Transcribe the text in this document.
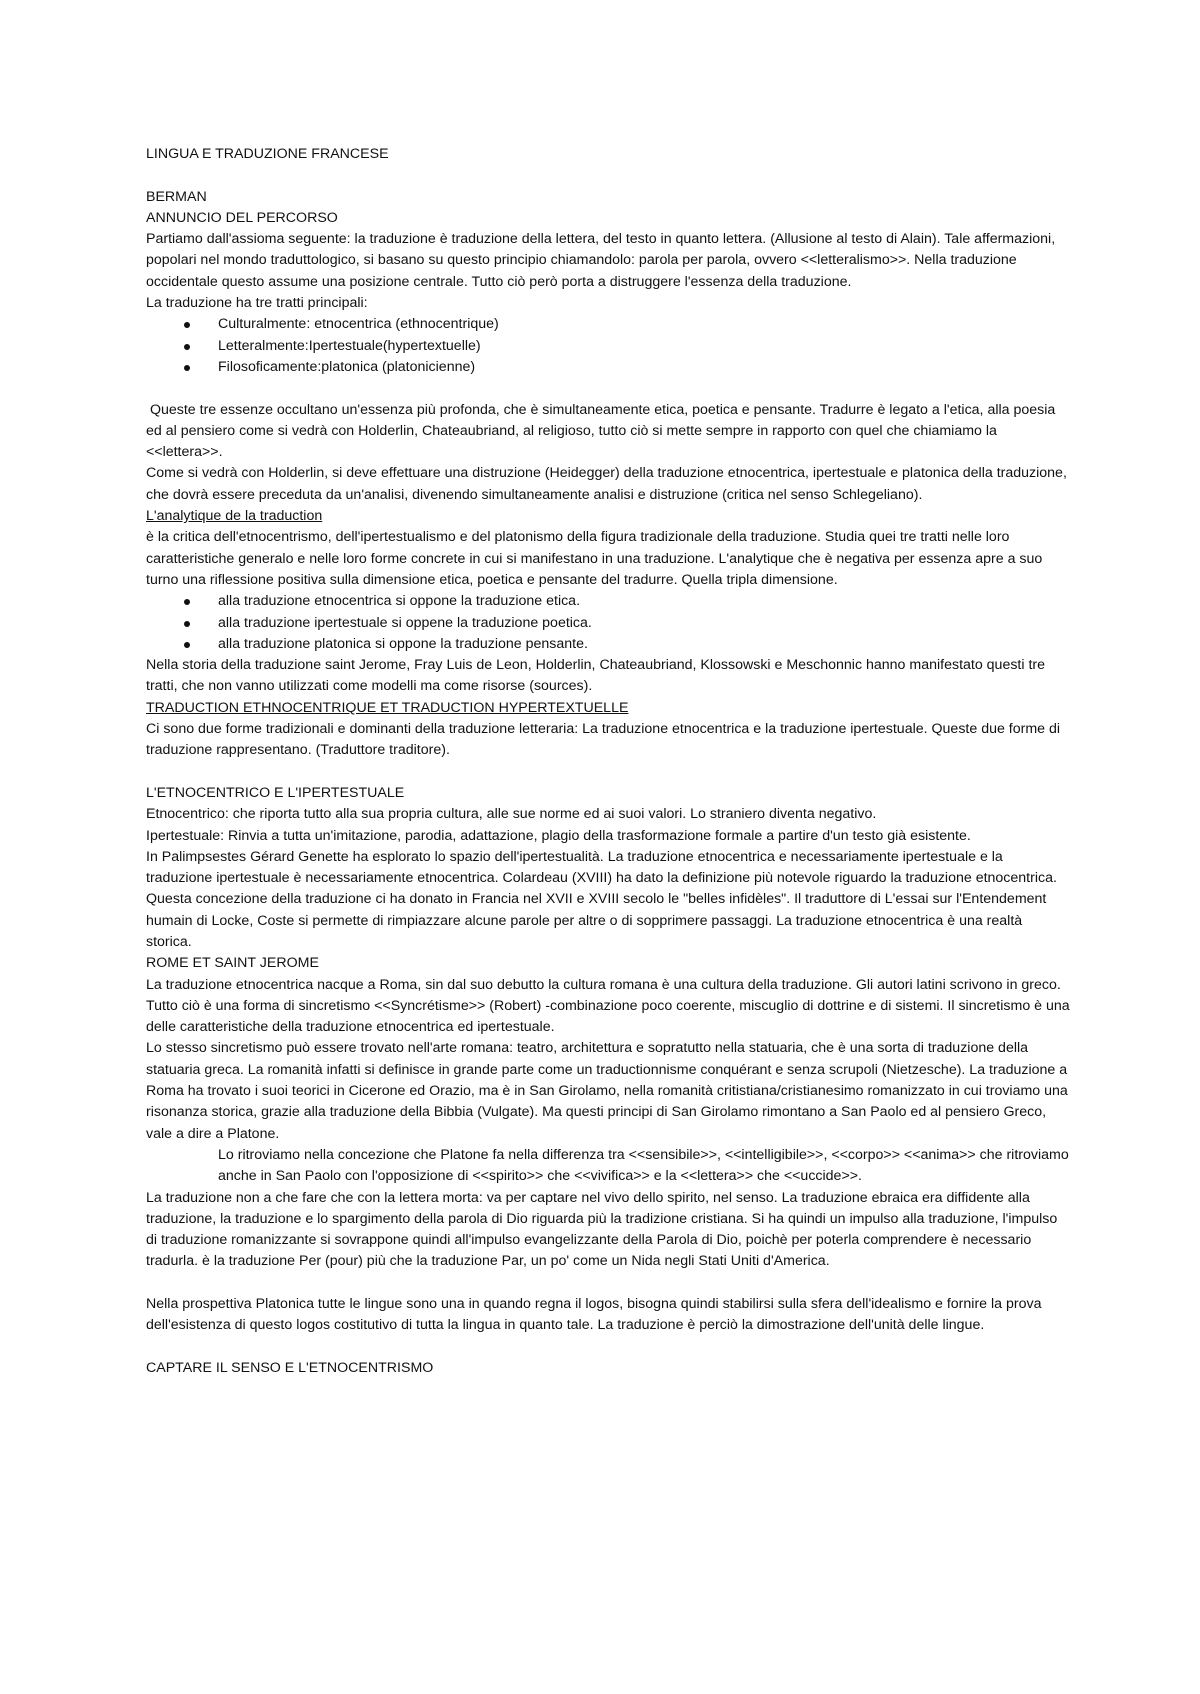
LINGUA E TRADUZIONE FRANCESE

BERMAN

ANNUNCIO DEL PERCORSO

Partiamo dall'assioma seguente: la traduzione è traduzione della lettera, del testo in quanto lettera. (Allusione al testo di Alain). Tale affermazioni, popolari nel mondo traduttologico, si basano su questo principio chiamandolo: parola per parola, ovvero <<letteralismo>>. Nella traduzione occidentale questo assume una posizione centrale. Tutto ciò però porta a distruggere l'essenza della traduzione.

La traduzione ha tre tratti principali:

Culturalmente: etnocentrica (ethnocentrique)
Letteralmente:Ipertestuale(hypertextuelle)
Filosoficamente:platonica (platonicienne)

Queste tre essenze occultano un'essenza più profonda, che è simultaneamente etica, poetica e pensante. Tradurre è legato a l'etica, alla poesia ed al pensiero come si vedrà con Holderlin, Chateaubriand, al religioso, tutto ciò si mette sempre in rapporto con quel che chiamiamo la <<lettera>>.

Come si vedrà con Holderlin, si deve effettuare una distruzione (Heidegger) della traduzione etnocentrica, ipertestuale e platonica della traduzione, che dovrà essere preceduta da un'analisi, divenendo simultaneamente analisi e distruzione (critica nel senso Schlegeliano).

L'analytique de la traduction

è la critica dell'etnocentrismo, dell'ipertestualismo e del platonismo della figura tradizionale della traduzione. Studia quei tre tratti nelle loro caratteristiche generalo e nelle loro forme concrete in cui si manifestano in una traduzione. L'analytique che è negativa per essenza apre a suo turno una riflessione positiva sulla dimensione etica, poetica e pensante del tradurre. Quella tripla dimensione.

alla traduzione etnocentrica si oppone la traduzione etica.
alla traduzione ipertestuale si oppene la traduzione poetica.
alla traduzione platonica si oppone la traduzione pensante.

Nella storia della traduzione saint Jerome, Fray Luis de Leon, Holderlin, Chateaubriand, Klossowski e Meschonnic hanno manifestato questi tre tratti, che non vanno utilizzati come modelli ma come risorse (sources).

TRADUCTION ETHNOCENTRIQUE ET TRADUCTION HYPERTEXTUELLE

Ci sono due forme tradizionali e dominanti della traduzione letteraria: La traduzione etnocentrica e la traduzione ipertestuale. Queste due forme di traduzione rappresentano. (Traduttore traditore).

L'ETNOCENTRICO E L'IPERTESTUALE

Etnocentrico: che riporta tutto alla sua propria cultura, alle sue norme ed ai suoi valori. Lo straniero diventa negativo.

Ipertestuale: Rinvia a tutta un'imitazione, parodia, adattazione, plagio della trasformazione formale a partire d'un testo già esistente.

In Palimpsestes Gérard Genette ha esplorato lo spazio dell'ipertestualità. La traduzione etnocentrica e necessariamente ipertestuale e la traduzione ipertestuale è necessariamente etnocentrica. Colardeau (XVIII) ha dato la definizione più notevole riguardo la traduzione etnocentrica.

Questa concezione della traduzione ci ha donato in Francia nel XVII e XVIII secolo le "belles infidèles". Il traduttore di L'essai sur l'Entendement humain di Locke, Coste si permette di rimpiazzare alcune parole per altre o di sopprimere passaggi. La traduzione etnocentrica è una realtà storica.

ROME ET SAINT JEROME

La traduzione etnocentrica nacque a Roma, sin dal suo debutto la cultura romana è una cultura della traduzione. Gli autori latini scrivono in greco. Tutto ciò è una forma di sincretismo <<Syncrétisme>> (Robert) -combinazione poco coerente, miscuglio di dottrine e di sistemi. Il sincretismo è una delle caratteristiche della traduzione etnocentrica ed ipertestuale.

Lo stesso sincretismo può essere trovato nell'arte romana: teatro, architettura e sopratutto nella statuaria, che è una sorta di traduzione della statuaria greca. La romanità infatti si definisce in grande parte come un traductionnisme conquérant e senza scrupoli (Nietzesche). La traduzione a Roma ha trovato i suoi teorici in Cicerone ed Orazio, ma è in San Girolamo, nella romanità critistiana/cristianesimo romanizzato in cui troviamo una risonanza storica, grazie alla traduzione della Bibbia (Vulgate). Ma questi principi di San Girolamo rimontano a San Paolo ed al pensiero Greco, vale a dire a Platone.

Lo ritroviamo nella concezione che Platone fa nella differenza tra <<sensibile>>, <<intelligibile>>, <<corpo>> <<anima>> che ritroviamo anche in San Paolo con l'opposizione di <<spirito>> che <<vivifica>> e la <<lettera>> che <<uccide>>.

La traduzione non a che fare che con la lettera morta: va per captare nel vivo dello spirito, nel senso. La traduzione ebraica era diffidente alla traduzione, la traduzione e lo spargimento della parola di Dio riguarda più la tradizione cristiana. Si ha quindi un impulso alla traduzione, l'impulso di traduzione romanizzante si sovrappone quindi all'impulso evangelizzante della Parola di Dio, poichè per poterla comprendere è necessario tradurla. è la traduzione Per (pour) più che la traduzione Par, un po' come un Nida negli Stati Uniti d'America.

Nella prospettiva Platonica tutte le lingue sono una in quando regna il logos, bisogna quindi stabilirsi sulla sfera dell'idealismo e fornire la prova dell'esistenza di questo logos costitutivo di tutta la lingua in quanto tale. La traduzione è perciò la dimostrazione dell'unità delle lingue.

CAPTARE IL SENSO E L'ETNOCENTRISMO
